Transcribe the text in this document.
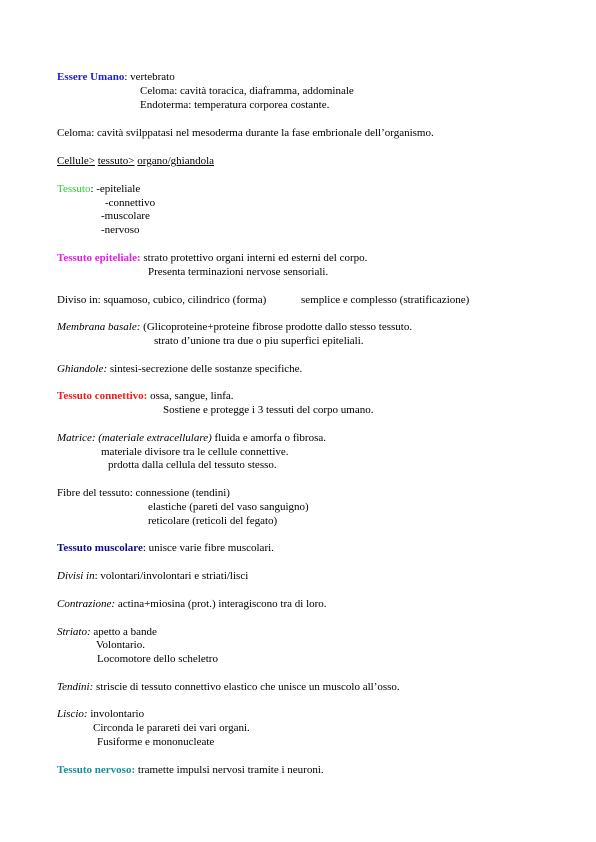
Essere Umano: vertebrato
Celoma: cavità toracica, diaframma, addominale
Endoterma: temperatura corporea costante.
Celoma: cavità svilppatasi nel mesoderma durante la fase embrionale dell’organismo.
Cellule> tessuto> organo/ghiandola
Tessuto: -epiteliale
-connettivo
-muscolare
-nervoso
Tessuto epiteliale: strato protettivo organi interni ed esterni del corpo.
Presenta terminazioni nervose sensoriali.
Diviso in: squamoso, cubico, cilindrico (forma)	semplice e complesso (stratificazione)
Membrana basale: (Glicoproteine+proteine fibrose prodotte dallo stesso tessuto.
strato d’unione tra due o piu superfici epiteliali.
Ghiandole: sintesi-secrezione delle sostanze specifiche.
Tessuto connettivo: ossa, sangue, linfa.
Sostiene e protegge i 3 tessuti del corpo umano.
Matrice: (materiale extracellulare) fluida e amorfa o fibrosa.
materiale divisore tra le cellule connettive.
prdotta dalla cellula del tessuto stesso.
Fibre del tessuto: connessione (tendini)
elastiche (pareti del vaso sanguigno)
reticolare (reticoli del fegato)
Tessuto muscolare: unisce varie fibre muscolari.
Divisi in: volontari/involontari e striati/lisci
Contrazione: actina+miosina (prot.) interagiscono tra di loro.
Striato: apetto a bande
Volontario.
Locomotore dello scheletro
Tendini: striscie di tessuto connettivo elastico che unisce un muscolo all’osso.
Liscio: involontario
Circonda le parareti dei vari organi.
Fusiforme e mononucleate
Tessuto nervoso: tramette impulsi nervosi tramite i neuroni.
